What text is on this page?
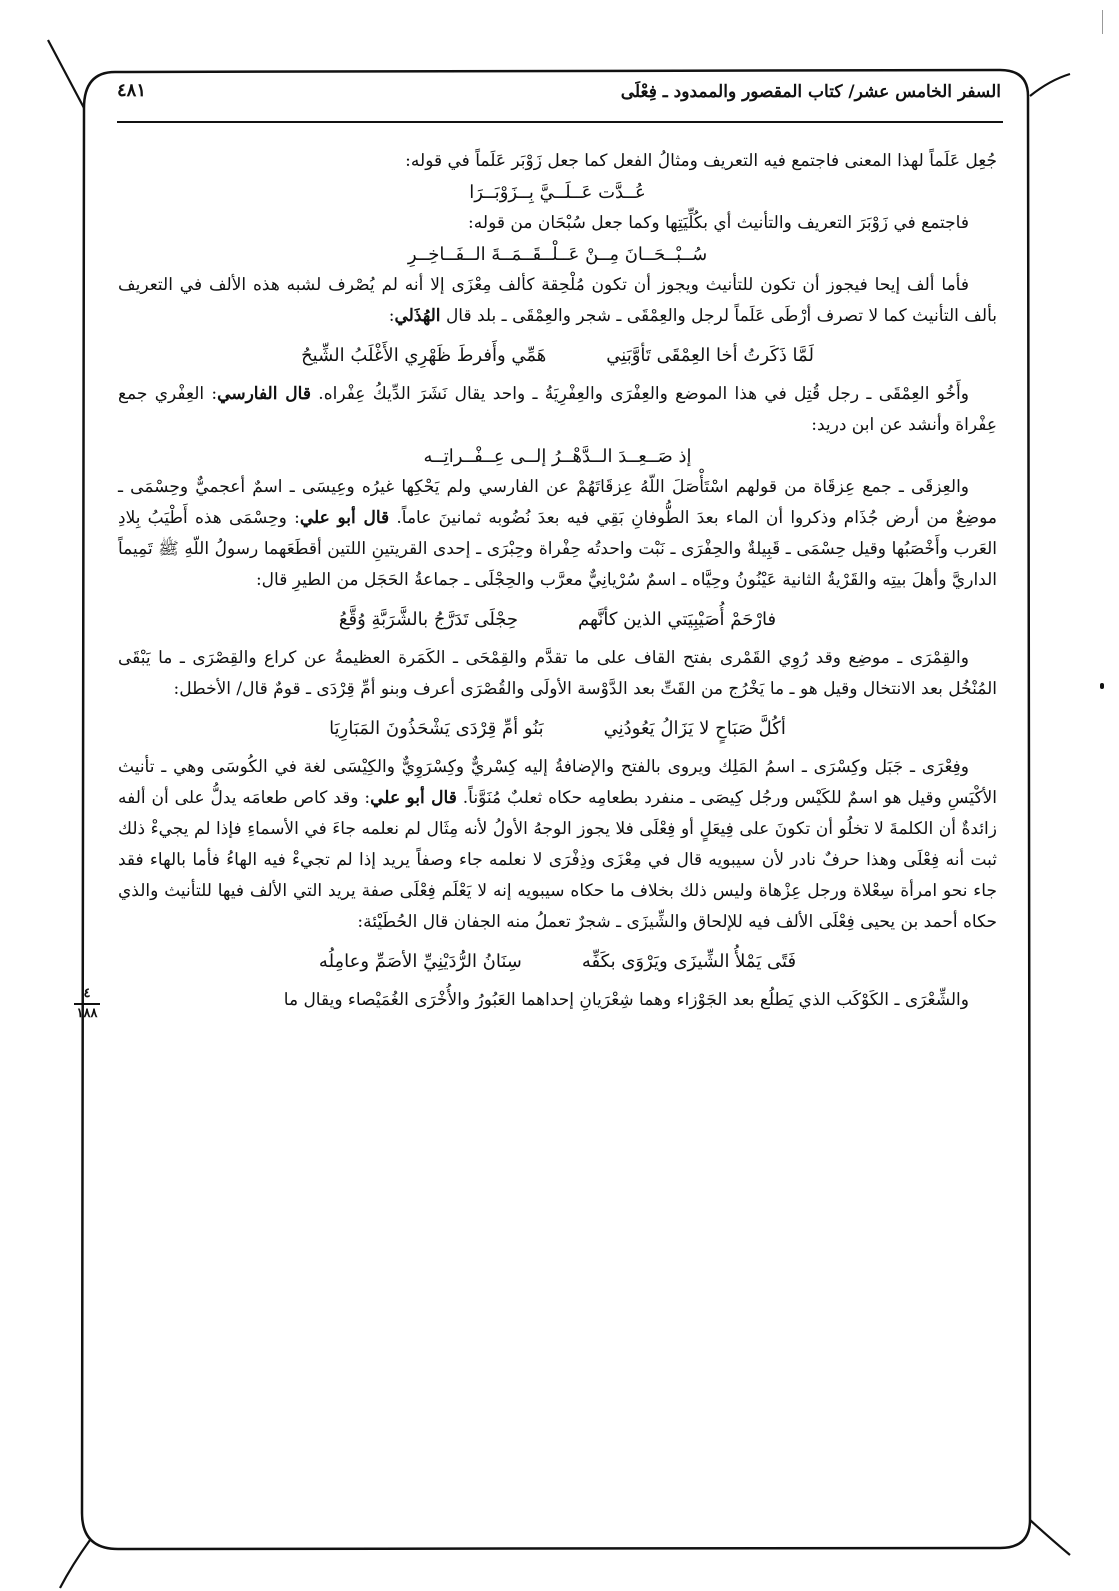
السفر الخامس عشر/ كتاب المقصور والممدود ـ فِعْلَى
٤٨١
٤
١٨٨

جُعِل عَلَماً لهذا المعنى فاجتمع فيه التعريف ومثالُ الفعل كما جعل زَوْبَر عَلَماً في قوله:

عُــدَّت عَــلَــيَّ بِــزَوْبَــرَا

فاجتمع في زَوْبَرَ التعريف والتأنيث أي بكُلِّيَتِها وكما جعل سُبْحَان من قوله:

سُــبْــحَــانَ مِــنْ عَــلْــقَــمَــةَ الــفَــاخِــرِ

فأما ألف إيحا فيجوز أن تكون للتأنيث ويجوز أن تكون مُلْحِقة كألف مِعْزَى إلا أنه لم يُصْرف لشبه هذه الألف في التعريف بألف التأنيث كما لا تصرف أرْطَى عَلَماً لرجل والعِمْقَى ـ شجر والعِمْقَى ـ بلد قال الهُذَلي:

لَمَّا ذَكَرتُ أخا العِمْقَى تَأوَّبَنِي
هَمِّي وأَفرطَ ظَهْرِي الأَغْلَبُ الشِّيحُ

وأَخُو العِمْقَى ـ رجل قُتِل في هذا الموضع والعِفْرَى والعِفْرِيَةُ ـ واحد يقال نَشَرَ الدِّيكُ عِفْراه. قال الفارسي: العِفْري جمع عِفْراة وأنشد عن ابن دريد:

إذ صَــعِــدَ الــدَّهْــرُ إلــى عِــفْــراتِــه

والعِزقَى ـ جمع عِزقَاة من قولهم اسْتَأْصَلَ اللّهُ عِزقَاتَهُمْ عن الفارسي ولم يَحْكِها غيرُه وعِيسَى ـ اسمٌ أعجميٌّ وحِسْمَى ـ موضِعٌ من أرض جُذَام وذكروا أن الماء بعدَ الطُّوفانِ بَقِي فيه بعدَ نُضُوبه ثمانينَ عاماً. قال أبو علي: وحِسْمَى هذه أَطْيَبُ بِلادِ العَرب وأَخْصَبُها وقيل حِسْمَى ـ قَبِيلةٌ والحِفْرَى ـ نَبْت واحدتُه حِفْراة وحِبْرَى ـ إحدى القريتينِ اللتين أقطَعَهما رسولُ اللّهِ ﷺ تَمِيماً الداريَّ وأهلَ بيتِه والقَرْيةُ الثانية عَيْنُونُ وحِيَّاه ـ اسمٌ سُرْيانِيٌّ معرَّب والحِجْلَى ـ جماعةُ الحَجَل من الطيرِ قال:

فارْحَمْ أُصَيْبِيَتي الذين كأنَّهم
حِجْلَى تَدَرَّجُ بالشَّرَبَّةِ وُقَّعُ

والقِمْرَى ـ موضِع وقد رُوِي القَمْرى بفتح القاف على ما تقدَّم والقِمْحَى ـ الكَمَرة العظيمةُ عن كراع والقِصْرَى ـ ما يَبْقَى المُنْخُل بعد الانتخال وقيل هو ـ ما يَخْرُج من القَتِّ بعد الدَّوْسة الأولَى والقُصْرَى أعرف وبنو أمِّ قِرْدَى ـ قومٌ قال/ الأخطل:

أكُلَّ صَبَاحٍ لا يَزَالُ يَعُودُنِي
بَنُو أمِّ قِرْدَى يَشْحَذُونَ المَبَارِيَا

وفِعْرَى ـ جَبَل وكِسْرَى ـ اسمُ المَلِك ويروى بالفتح والإضافةُ إليه كِسْريٌّ وكِسْرَوِيٌّ والكِيْسَى لغة في الكُوسَى وهي ـ تأنيث الأكْيَسِ وقيل هو اسمٌ للكَيْس ورجُل كِيصَى ـ منفرد بطعامِه حكاه ثعلبٌ مُنَوَّناً. قال أبو علي: وقد كاص طعامَه يدلُّ على أن ألفه زائدةٌ أن الكلمةَ لا تخلُو أن تكونَ على فِيعَلٍ أو فِعْلَى فلا يجوز الوجهُ الأولُ لأنه مِثَال لم نعلمه جاءَ في الأسماءِ فإذا لم يجيءْ ذلك ثبت أنه فِعْلَى وهذا حرفٌ نادر لأن سيبويه قال في مِعْزَى وذِفْرَى لا نعلمه جاء وصفاً يريد إذا لم تجيءْ فيه الهاءُ فأما بالهاء فقد جاء نحو امرأة سِعْلاة ورجل عِزْهاة وليس ذلك بخلاف ما حكاه سيبويه إنه لا يَعْلَم فِعْلَى صفة يريد التي الألف فيها للتأنيث والذي حكاه أحمد بن يحيى فِعْلَى الألف فيه للإلحاق والشِّيزَى ـ شجرٌ تعملُ منه الجفان قال الحُطَيْئة:

فَتًى يَمْلأُ الشِّيزَى ويَرْوَى بكَفِّه
سِنَانُ الرُّدَيْنِيِّ الأصَمِّ وعامِلُه

والشِّعْرَى ـ الكَوْكَب الذي يَطلُع بعد الجَوْزاء وهما شِعْرَيانِ إحداهما العَبُورُ والأُخْرَى الغُمَيْصاء ويقال ما
